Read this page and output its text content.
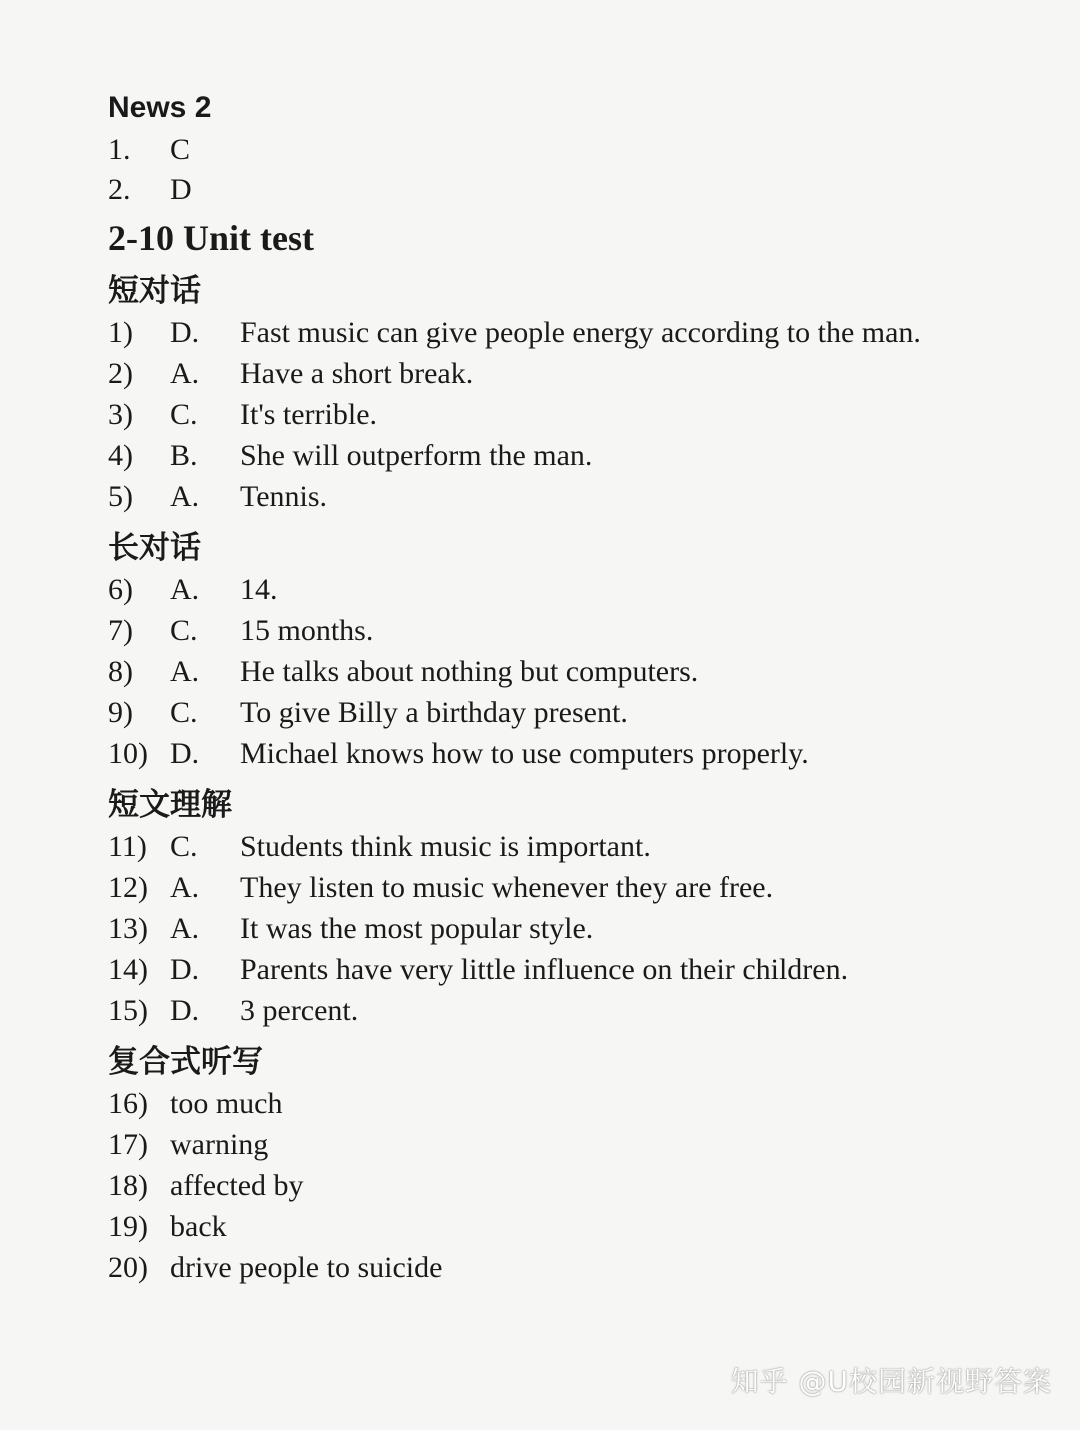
News 2
1.	C
2.	D
2-10 Unit test
短对话
1)	D. Fast music can give people energy according to the man.
2)	A.	Have a short break.
3)	C.	It's terrible.
4)	B.	She will outperform the man.
5)	A.	Tennis.
长对话
6)	A.	14.
7)	C.	15 months.
8)	A.	He talks about nothing but computers.
9)	C.	To give Billy a birthday present.
10) D.	Michael knows how to use computers properly.
短文理解
11) C.	Students think music is important.
12) A.	They listen to music whenever they are free.
13) A.	It was the most popular style.
14) D.	Parents have very little influence on their children.
15) D.	3 percent.
复合式听写
16) too much
17) warning
18) affected by
19) back
20) drive people to suicide
知乎 @U校园新视野答案
